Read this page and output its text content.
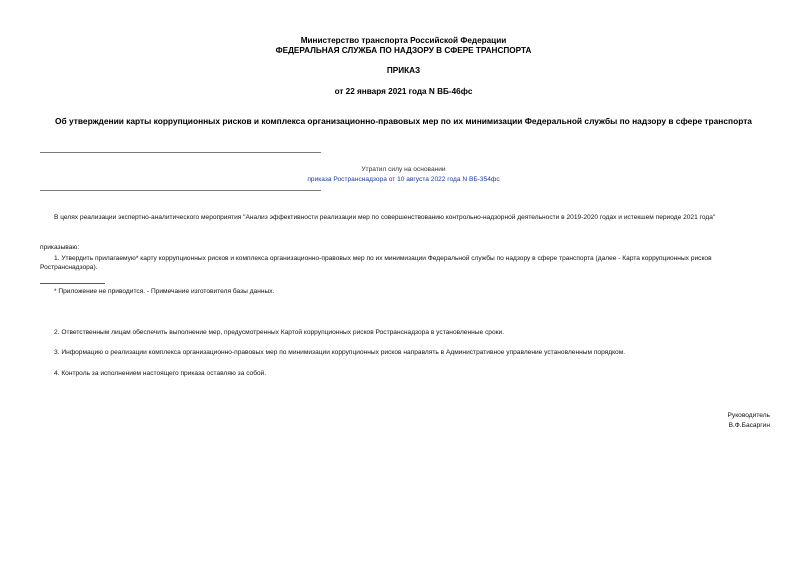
Министерство транспорта Российской Федерации
ФЕДЕРАЛЬНАЯ СЛУЖБА ПО НАДЗОРУ В СФЕРЕ ТРАНСПОРТА
ПРИКАЗ
от 22 января 2021 года N ВБ-46фс
Об утверждении карты коррупционных рисков и комплекса организационно-правовых мер по их минимизации Федеральной службы по надзору в сфере транспорта
Утратил силу на основании
приказа Ространснадзора от 10 августа 2022 года N ВБ-354фс
В целях реализации экспертно-аналитического мероприятия "Анализ эффективности реализации мер по совершенствованию контрольно-надзорной деятельности в 2019-2020 годах и истекшем периоде 2021 года"
приказываю:
1. Утвердить прилагаемую* карту коррупционных рисков и комплекса организационно-правовых мер по их минимизации Федеральной службы по надзору в сфере транспорта (далее - Карта коррупционных рисков Ространснадзора).
* Приложение не приводится. - Примечание изготовителя базы данных.
2. Ответственным лицам обеспечить выполнение мер, предусмотренных Картой коррупционных рисков Ространснадзора в установленные сроки.
3. Информацию о реализации комплекса организационно-правовых мер по минимизации коррупционных рисков направлять в Административное управление установленным порядком.
4. Контроль за исполнением настоящего приказа оставляю за собой.
Руководитель
В.Ф.Басаргин
